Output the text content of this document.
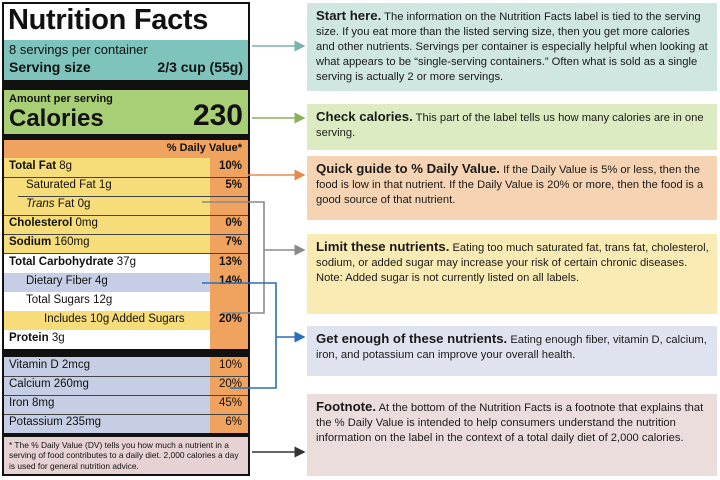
Nutrition Facts
8 servings per container
Serving size	2/3 cup (55g)
Amount per serving
Calories	230
% Daily Value*
Total Fat 8g	10%
Saturated Fat 1g	5%
Trans Fat 0g
Cholesterol 0mg	0%
Sodium 160mg	7%
Total Carbohydrate 37g	13%
Dietary Fiber 4g	14%
Total Sugars 12g
Includes 10g Added Sugars	20%
Protein 3g
Vitamin D 2mcg	10%
Calcium 260mg	20%
Iron 8mg	45%
Potassium 235mg	6%
* The % Daily Value (DV) tells you how much a nutrient in a serving of food contributes to a daily diet. 2,000 calories a day is used for general nutrition advice.
Start here. The information on the Nutrition Facts label is tied to the serving size. If you eat more than the listed serving size, then you get more calories and other nutrients. Servings per container is especially helpful when looking at what appears to be “single-serving containers.” Often what is sold as a single serving is actually 2 or more servings.
Check calories. This part of the label tells us how many calories are in one serving.
Quick guide to % Daily Value. If the Daily Value is 5% or less, then the food is low in that nutrient. If the Daily Value is 20% or more, then the food is a good source of that nutrient.
Limit these nutrients. Eating too much saturated fat, trans fat, cholesterol, sodium, or added sugar may increase your risk of certain chronic diseases. Note: Added sugar is not currently listed on all labels.
Get enough of these nutrients. Eating enough fiber, vitamin D, calcium, iron, and potassium can improve your overall health.
Footnote. At the bottom of the Nutrition Facts is a footnote that explains that the % Daily Value is intended to help consumers understand the nutrition information on the label in the context of a total daily diet of 2,000 calories.
